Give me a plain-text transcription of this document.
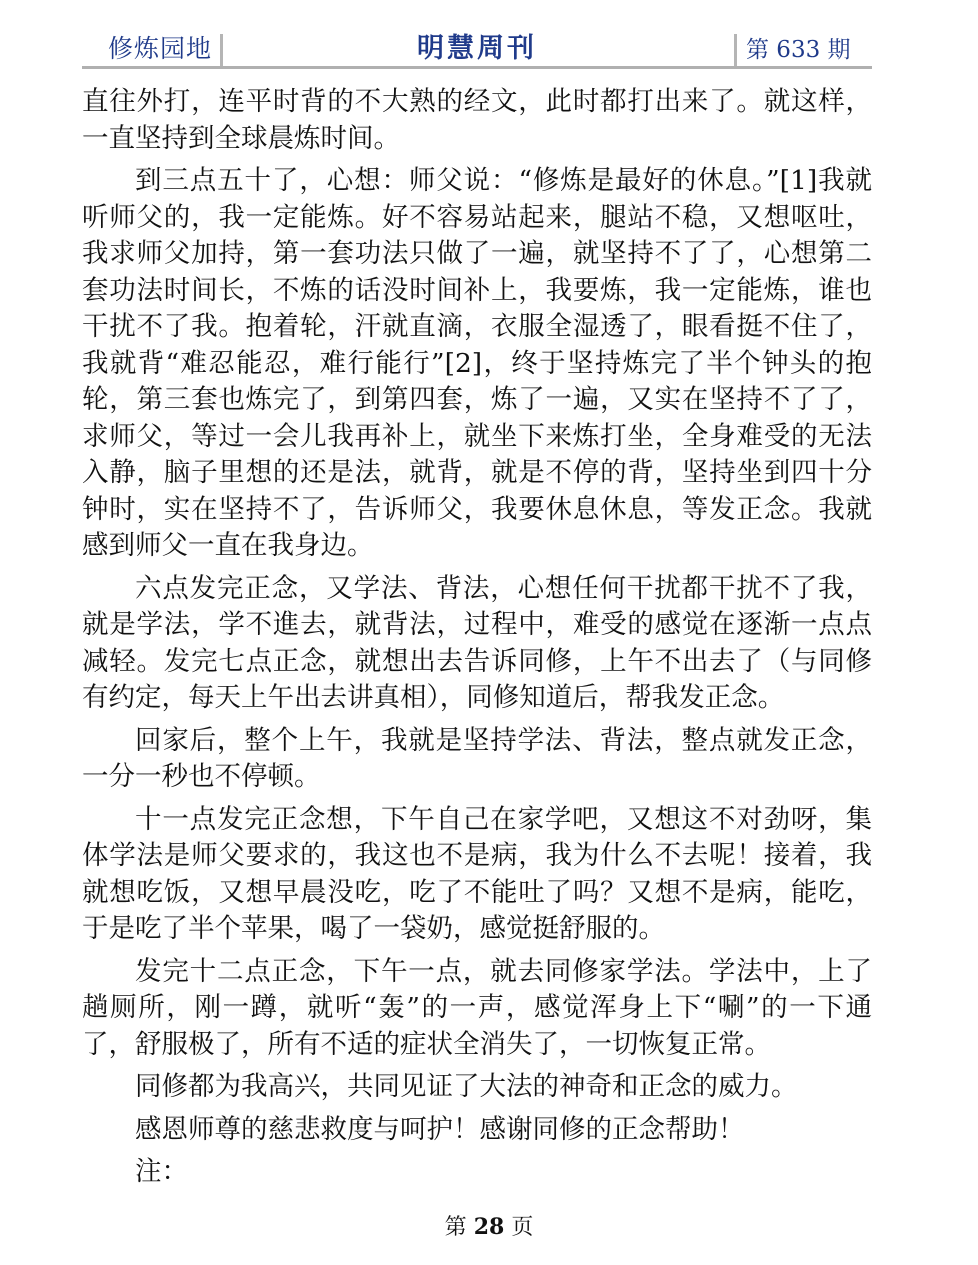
修炼园地	明慧周刊	第 633 期

直往外打，连平时背的不大熟的经文，此时都打出来了。就这样，一直坚持到全球晨炼时间。

到三点五十了，心想：师父说：“修炼是最好的休息。”[1]我就听师父的，我一定能炼。好不容易站起来，腿站不稳，又想呕吐，我求师父加持，第一套功法只做了一遍，就坚持不了了，心想第二套功法时间长，不炼的话没时间补上，我要炼，我一定能炼，谁也干扰不了我。抱着轮，汗就直滴，衣服全湿透了，眼看挺不住了，我就背“难忍能忍，难行能行”[2]，终于坚持炼完了半个钟头的抱轮，第三套也炼完了，到第四套，炼了一遍，又实在坚持不了了，求师父，等过一会儿我再补上，就坐下来炼打坐，全身难受的无法入静，脑子里想的还是法，就背，就是不停的背，坚持坐到四十分钟时，实在坚持不了，告诉师父，我要休息休息，等发正念。我就感到师父一直在我身边。

六点发完正念，又学法、背法，心想任何干扰都干扰不了我，就是学法，学不進去，就背法，过程中，难受的感觉在逐渐一点点减轻。发完七点正念，就想出去告诉同修，上午不出去了（与同修有约定，每天上午出去讲真相），同修知道后，帮我发正念。

回家后，整个上午，我就是坚持学法、背法，整点就发正念，一分一秒也不停顿。

十一点发完正念想，下午自己在家学吧，又想这不对劲呀，集体学法是师父要求的，我这也不是病，我为什么不去呢！接着，我就想吃饭，又想早晨没吃，吃了不能吐了吗？又想不是病，能吃，于是吃了半个苹果，喝了一袋奶，感觉挺舒服的。

发完十二点正念，下午一点，就去同修家学法。学法中，上了趟厕所，刚一蹲，就听“轰”的一声，感觉浑身上下“唰”的一下通了，舒服极了，所有不适的症状全消失了，一切恢复正常。

同修都为我高兴，共同见证了大法的神奇和正念的威力。

感恩师尊的慈悲救度与呵护！感谢同修的正念帮助！

注：

第 28 页
